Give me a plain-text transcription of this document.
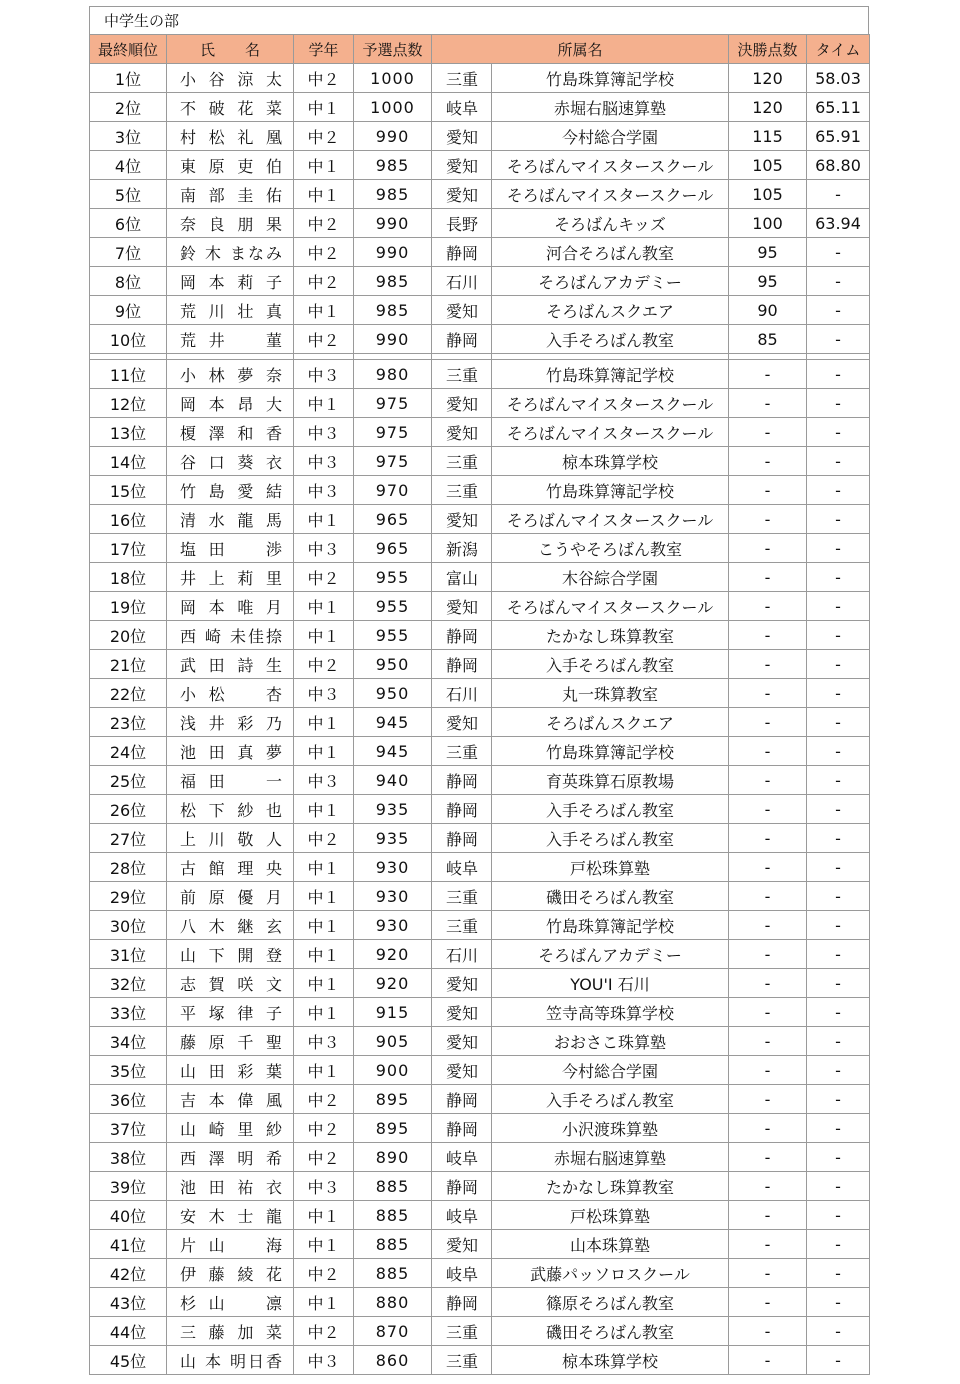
中学生の部
最終順位	氏　　名	学年	予選点数	所属名		決勝点数	タイム
1位	小 谷 涼 太	中２	1000	三重	竹島珠算簿記学校	120	58.03
2位	不 破 花 菜	中１	1000	岐阜	赤堀右脳速算塾	120	65.11
3位	村 松 礼 凰	中２	990	愛知	今村総合学園	115	65.91
4位	東 原 吏 伯	中１	985	愛知	そろばんマイスタースクール	105	68.80
5位	南 部 圭 佑	中１	985	愛知	そろばんマイスタースクール	105	-
6位	奈 良 朋 果	中２	990	長野	そろばんキッズ	100	63.94
7位	鈴 木 まなみ	中２	990	静岡	河合そろばん教室	95	-
8位	岡 本 莉 子	中２	985	石川	そろばんアカデミー	95	-
9位	荒 川 壮 真	中１	985	愛知	そろばんスクエア	90	-
10位	荒 井 　 菫	中２	990	静岡	入手そろばん教室	85	-

11位	小 林 夢 奈	中３	980	三重	竹島珠算簿記学校	-	-
12位	岡 本 昂 大	中１	975	愛知	そろばんマイスタースクール	-	-
13位	榎 澤 和 香	中３	975	愛知	そろばんマイスタースクール	-	-
14位	谷 口 葵 衣	中３	975	三重	椋本珠算学校	-	-
15位	竹 島 愛 結	中３	970	三重	竹島珠算簿記学校	-	-
16位	清 水 龍 馬	中１	965	愛知	そろばんマイスタースクール	-	-
17位	塩 田 　 渉	中３	965	新潟	こうやそろばん教室	-	-
18位	井 上 莉 里	中２	955	富山	木谷綜合学園	-	-
19位	岡 本 唯 月	中１	955	愛知	そろばんマイスタースクール	-	-
20位	西 崎 未佳捺	中１	955	静岡	たかなし珠算教室	-	-
21位	武 田 詩 生	中２	950	静岡	入手そろばん教室	-	-
22位	小 松 　 杏	中３	950	石川	丸一珠算教室	-	-
23位	浅 井 彩 乃	中１	945	愛知	そろばんスクエア	-	-
24位	池 田 真 夢	中１	945	三重	竹島珠算簿記学校	-	-
25位	福 田 　 一	中３	940	静岡	育英珠算石原教場	-	-
26位	松 下 紗 也	中１	935	静岡	入手そろばん教室	-	-
27位	上 川 敬 人	中２	935	静岡	入手そろばん教室	-	-
28位	古 館 理 央	中１	930	岐阜	戸松珠算塾	-	-
29位	前 原 優 月	中１	930	三重	磯田そろばん教室	-	-
30位	八 木 継 玄	中１	930	三重	竹島珠算簿記学校	-	-
31位	山 下 開 登	中１	920	石川	そろばんアカデミー	-	-
32位	志 賀 咲 文	中１	920	愛知	YOU'I 石川	-	-
33位	平 塚 律 子	中１	915	愛知	笠寺高等珠算学校	-	-
34位	藤 原 千 聖	中３	905	愛知	おおさこ珠算塾	-	-
35位	山 田 彩 葉	中１	900	愛知	今村総合学園	-	-
36位	吉 本 偉 風	中２	895	静岡	入手そろばん教室	-	-
37位	山 崎 里 紗	中２	895	静岡	小沢渡珠算塾	-	-
38位	西 澤 明 希	中２	890	岐阜	赤堀右脳速算塾	-	-
39位	池 田 祐 衣	中３	885	静岡	たかなし珠算教室	-	-
40位	安 木 士 龍	中１	885	岐阜	戸松珠算塾	-	-
41位	片 山 　 海	中１	885	愛知	山本珠算塾	-	-
42位	伊 藤 綾 花	中２	885	岐阜	武藤パッソロスクール	-	-
43位	杉 山 　 凛	中１	880	静岡	篠原そろばん教室	-	-
44位	三 藤 加 菜	中２	870	三重	磯田そろばん教室	-	-
45位	山 本 明日香	中３	860	三重	椋本珠算学校	-	-
